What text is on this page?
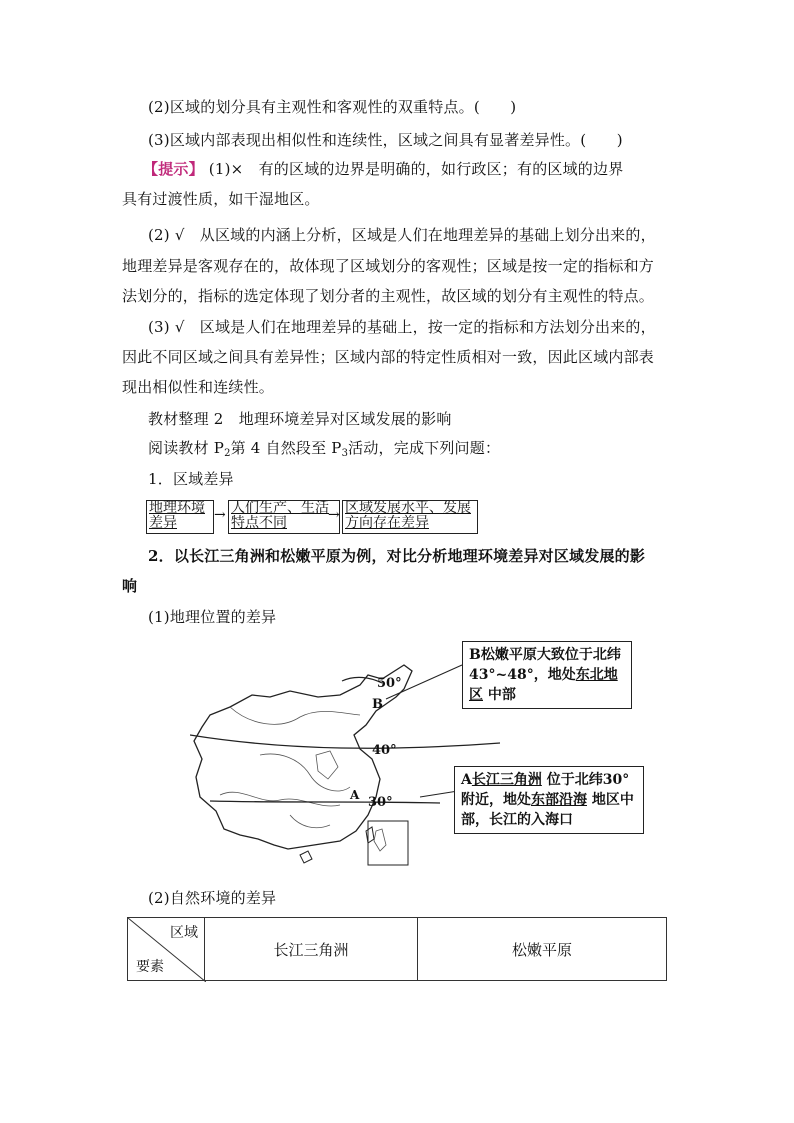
(2)区域的划分具有主观性和客观性的双重特点。(　　)
(3)区域内部表现出相似性和连续性，区域之间具有显著差异性。(　　)
【提示】 (1)×　有的区域的边界是明确的，如行政区；有的区域的边界
具有过渡性质，如干湿地区。
(2) √　从区域的内涵上分析，区域是人们在地理差异的基础上划分出来的，
地理差异是客观存在的，故体现了区域划分的客观性；区域是按一定的指标和方
法划分的，指标的选定体现了划分者的主观性，故区域的划分有主观性的特点。
(3) √　区域是人们在地理差异的基础上，按一定的指标和方法划分出来的，
因此不同区域之间具有差异性；区域内部的特定性质相对一致，因此区域内部表
现出相似性和连续性。
教材整理 2　地理环境差异对区域发展的影响
阅读教材 $P_2$第 4 自然段至 $P_3$活动，完成下列问题：
1．区域差异
地理环境差异	→ 人们生产、生活特点不同	→ 区域发展水平、发展方向存在差异
2．以长江三角洲和松嫩平原为例，对比分析地理环境差异对区域发展的影
响
(1)地理位置的差异
50°
40°
30°
B
A
B松嫩平原大致位于北纬43°~48°，地处东北地区 中部
A长江三角洲 位于北纬30°附近，地处东部沿海 地区中部，长江的入海口
(2)自然环境的差异
区域
要素
	长江三角洲	松嫩平原
